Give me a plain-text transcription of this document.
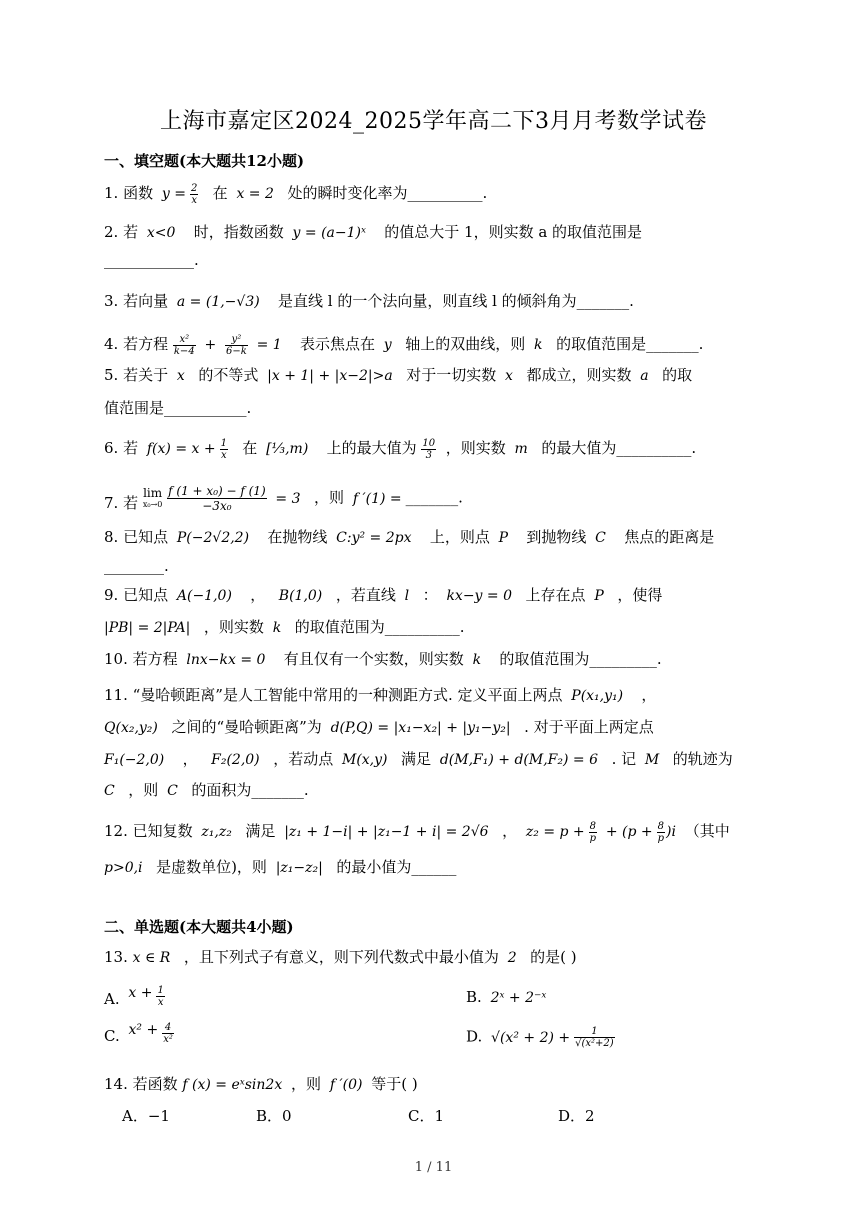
上海市嘉定区2024_2025学年高二下3月月考数学试卷
一、填空题(本大题共12小题)
1. 函数 $y = \frac{2}{x}$ 在 x = 2 处的瞬时变化率为__________.
2. 若 x<0 时，指数函数 y = (a−1)ˣ 的值总大于 1，则实数 a 的取值范围是
____________.
3. 若向量 a = (1,−√3) 是直线 l 的一个法向量，则直线 l 的倾斜角为_______.
4. 若方程 $\frac{\text{x²}}{k-4} + \frac{\text{y²}}{6-k} = 1$ 表示焦点在 y 轴上的双曲线，则 k 的取值范围是_______.
5. 若关于 x 的不等式 |x + 1| + |x−2|>a 对于一切实数 x 都成立，则实数 a 的取
值范围是___________.
6. 若 $f(x) = x + \frac{1}{x}$ 在 [⅓,m) 上的最大值为 $\frac{10}{3}$ ，则实数 m 的最大值为__________.
7. 若
lim
x₀→0
$\frac{\text{f (1 + x₀) − f (1)}}{\text{−3x₀}} = 3$ ，则 f ′(1) = _______.
8. 已知点 P(−2√2,2) 在抛物线 C:y² = 2px 上，则点 P 到抛物线 C 焦点的距离是
________.
9. 已知点 A(−1,0) ， B(1,0) ，若直线 l ： kx−y = 0 上存在点 P ，使得
|PB| = 2|PA| ，则实数 k 的取值范围为__________.
10. 若方程 lnx−kx = 0 有且仅有一个实数，则实数 k 的取值范围为_________.
11. “曼哈顿距离”是人工智能中常用的一种测距方式. 定义平面上两点 P(x₁,y₁) ，
Q(x₂,y₂) 之间的“曼哈顿距离”为 d(P,Q) = |x₁−x₂| + |y₁−y₂| . 对于平面上两定点
F₁(−2,0) ， F₂(2,0) ，若动点 M(x,y) 满足 d(M,F₁) + d(M,F₂) = 6 . 记 M 的轨迹为
C ，则 C 的面积为_______.
12. 已知复数 z₁,z₂ 满足 |z₁ + 1−i| + |z₁−1 + i| = 2√6 ， $z_2 = p + \frac{8}{p} + (p + \frac{8}{p} )i$ （其中
p>0,i 是虚数单位)，则 |z₁−z₂| 的最小值为______
二、单选题(本大题共4小题)
13. x ∈ R ，且下列式子有意义，则下列代数式中最小值为 2 的是( )
A. $x + \frac{1}{x}$	B. 2ˣ + 2⁻ˣ
C. $x^2 + \frac{4}{\text{x²}}$	D. $√(x^2 + 2) + \frac{1}{\text{√(x²+2)}}$
14. 若函数 f (x) = eˣsin2x ，则 f ′(0) 等于( )
A．−1	B．0	C．1	D．2
1 / 11
